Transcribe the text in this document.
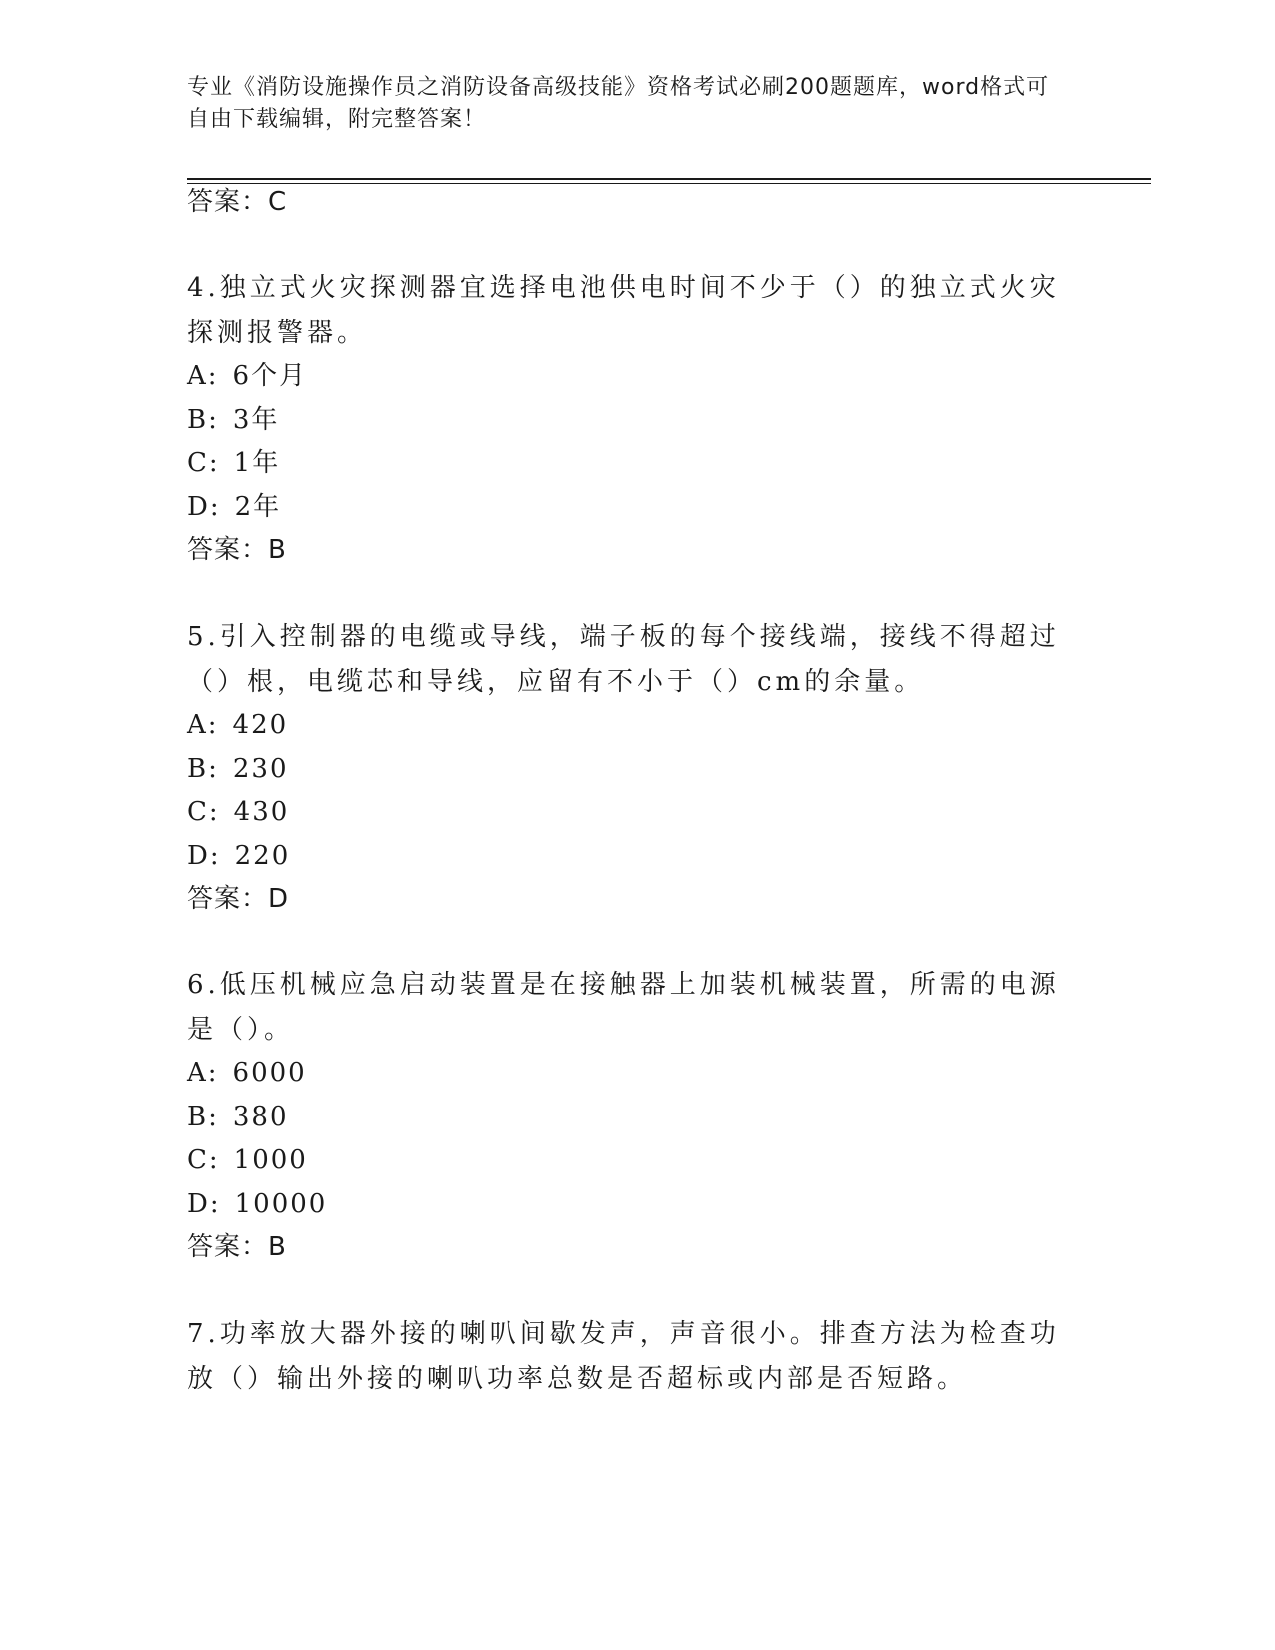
专业《消防设施操作员之消防设备高级技能》资格考试必刷200题题库，word格式可自由下载编辑，附完整答案！
答案：C
4.独立式火灾探测器宜选择电池供电时间不少于（）的独立式火灾探测报警器。
A: 6个月
B: 3年
C: 1年
D: 2年
答案：B
5.引入控制器的电缆或导线，端子板的每个接线端，接线不得超过（）根，电缆芯和导线，应留有不小于（）cm的余量。
A: 420
B: 230
C: 430
D: 220
答案：D
6.低压机械应急启动装置是在接触器上加装机械装置，所需的电源是（）。
A: 6000
B: 380
C: 1000
D: 10000
答案：B
7.功率放大器外接的喇叭间歇发声，声音很小。排查方法为检查功放（）输出外接的喇叭功率总数是否超标或内部是否短路。
